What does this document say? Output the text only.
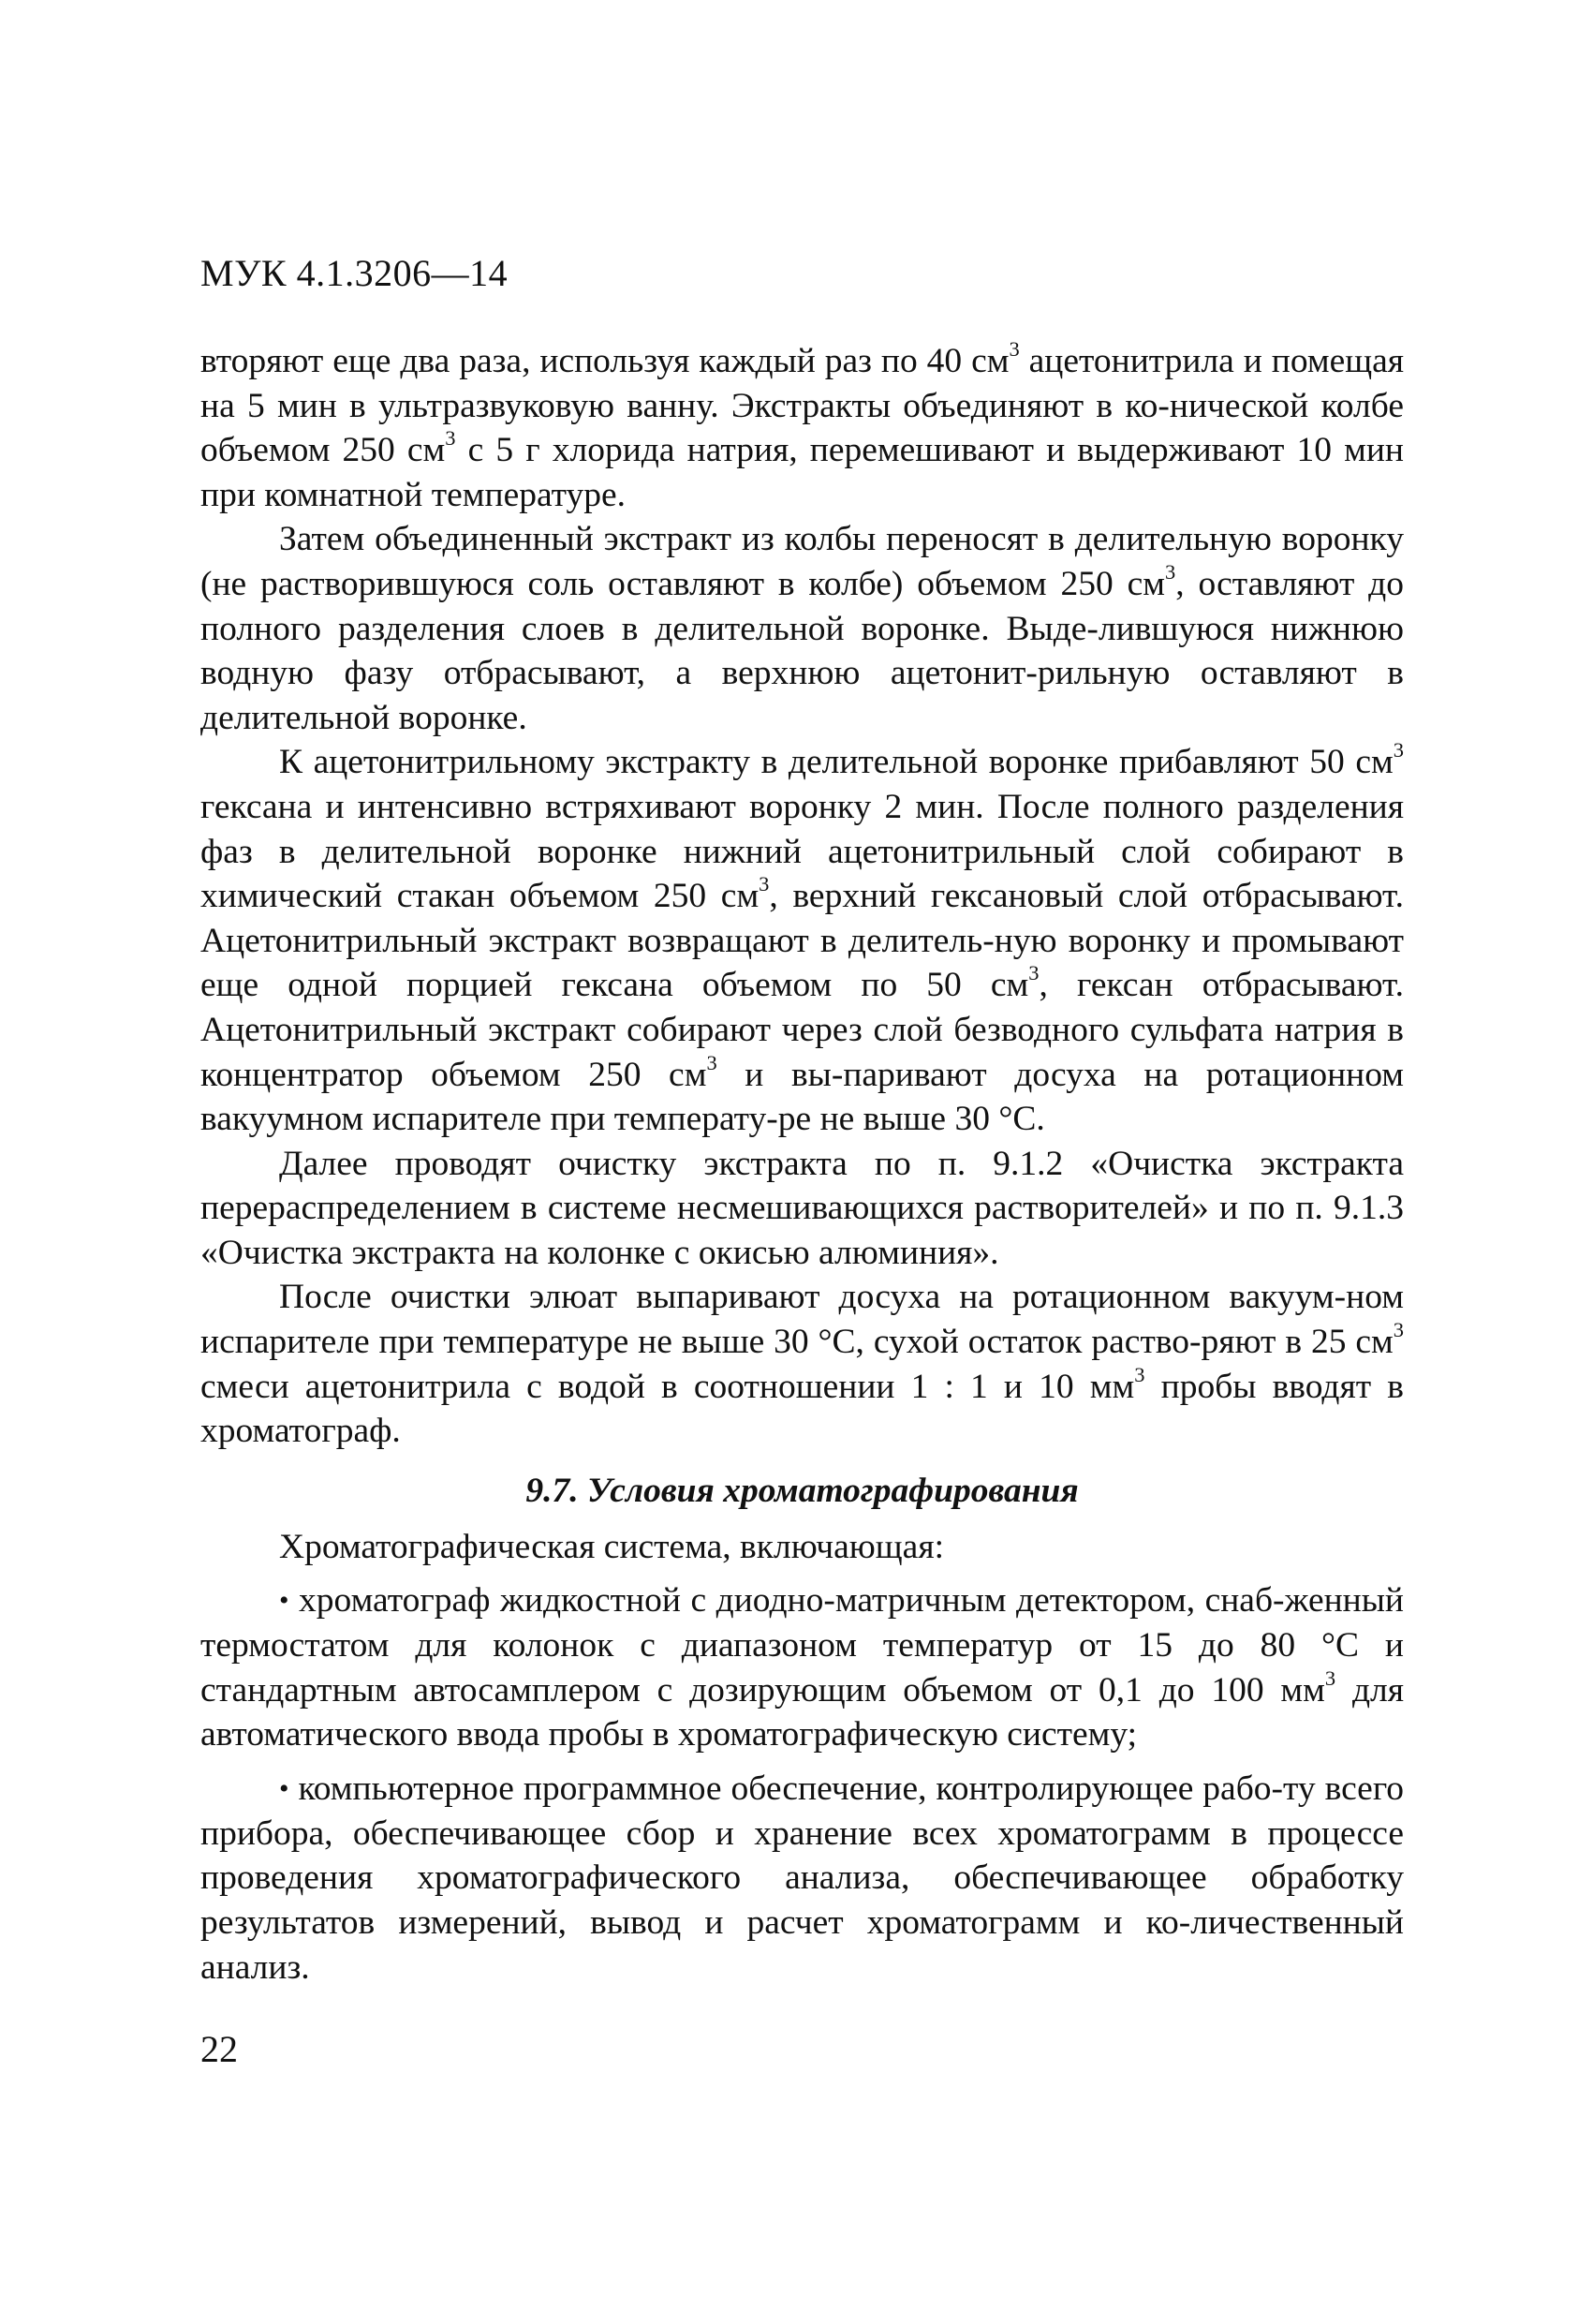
МУК 4.1.3206—14

вторяют еще два раза, используя каждый раз по 40 $см^3$ ацетонитрила и помещая на 5 мин в ультразвуковую ванну. Экстракты объединяют в ко-нической колбе объемом 250 $см^3$ с 5 г хлорида натрия, перемешивают и выдерживают 10 мин при комнатной температуре.

Затем объединенный экстракт из колбы переносят в делительную воронку (не растворившуюся соль оставляют в колбе) объемом 250 $см^3$, оставляют до полного разделения слоев в делительной воронке. Выде-лившуюся нижнюю водную фазу отбрасывают, а верхнюю ацетонит-рильную оставляют в делительной воронке.

К ацетонитрильному экстракту в делительной воронке прибавляют 50 $см^3$ гексана и интенсивно встряхивают воронку 2 мин. После полного разделения фаз в делительной воронке нижний ацетонитрильный слой собирают в химический стакан объемом 250 $см^3$, верхний гексановый слой отбрасывают. Ацетонитрильный экстракт возвращают в делитель-ную воронку и промывают еще одной порцией гексана объемом по 50 $см^3$, гексан отбрасывают. Ацетонитрильный экстракт собирают через слой безводного сульфата натрия в концентратор объемом 250 $см^3$ и вы-паривают досуха на ротационном вакуумном испарителе при температу-ре не выше 30 °С.

Далее проводят очистку экстракта по п. 9.1.2 «Очистка экстракта перераспределением в системе несмешивающихся растворителей» и по п. 9.1.3 «Очистка экстракта на колонке с окисью алюминия».

После очистки элюат выпаривают досуха на ротационном вакуум-ном испарителе при температуре не выше 30 °С, сухой остаток раство-ряют в 25 $см^3$ смеси ацетонитрила с водой в соотношении 1 : 1 и 10 $мм^3$ пробы вводят в хроматограф.

9.7. Условия хроматографирования

Хроматографическая система, включающая:

• хроматограф жидкостной с диодно-матричным детектором, снаб-женный термостатом для колонок с диапазоном температур от 15 до 80 °С и стандартным автосамплером с дозирующим объемом от 0,1 до 100 $мм^3$ для автоматического ввода пробы в хроматографическую систему;

• компьютерное программное обеспечение, контролирующее рабо-ту всего прибора, обеспечивающее сбор и хранение всех хроматограмм в процессе проведения хроматографического анализа, обеспечивающее обработку результатов измерений, вывод и расчет хроматограмм и ко-личественный анализ.

22
